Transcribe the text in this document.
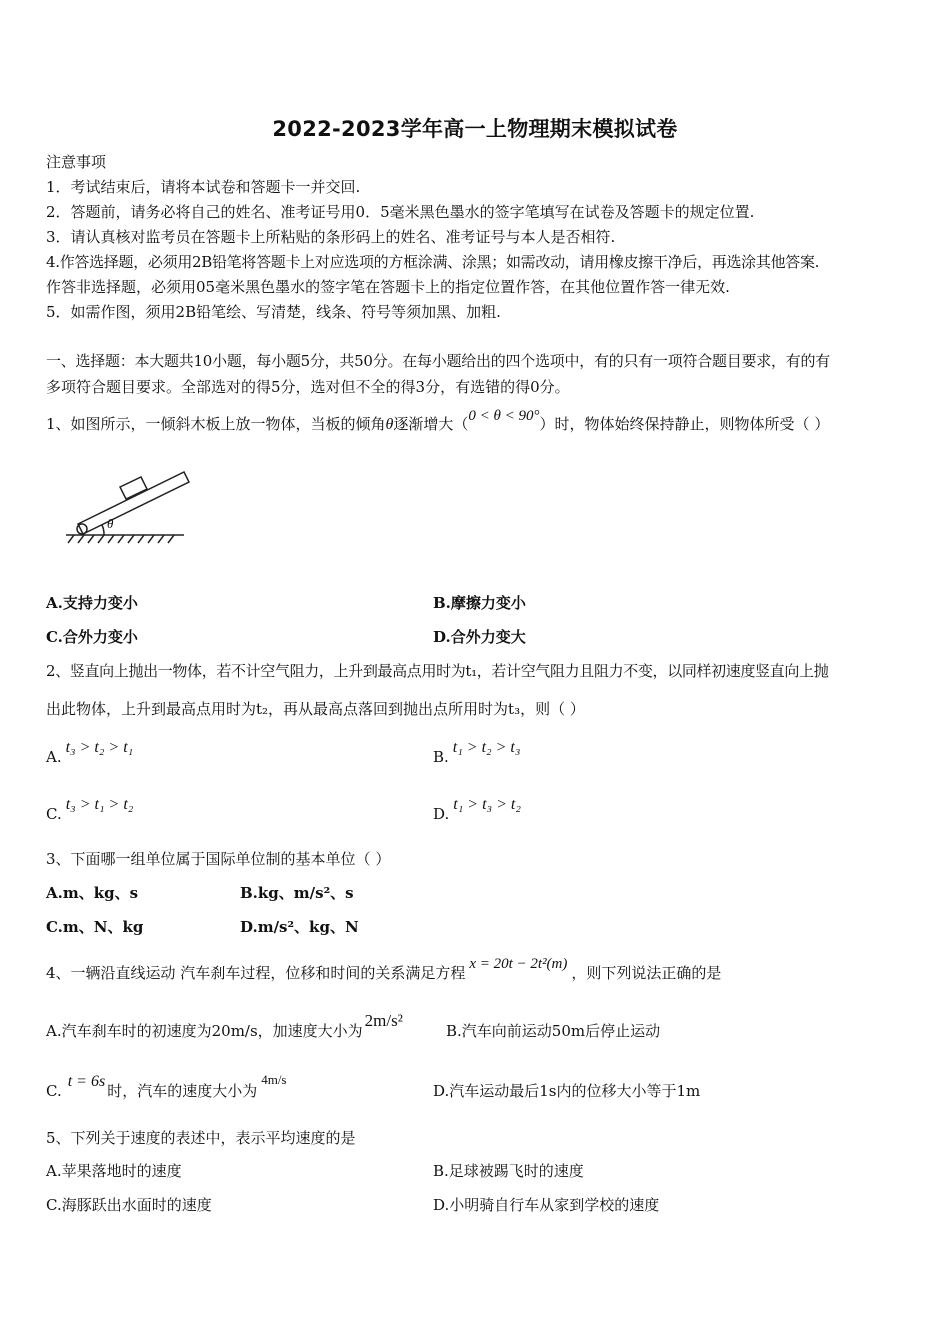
2022-2023学年高一上物理期末模拟试卷
注意事项
1．考试结束后，请将本试卷和答题卡一并交回.
2．答题前，请务必将自己的姓名、准考证号用0．5毫米黑色墨水的签字笔填写在试卷及答题卡的规定位置.
3．请认真核对监考员在答题卡上所粘贴的条形码上的姓名、准考证号与本人是否相符.
4.作答选择题，必须用2B铅笔将答题卡上对应选项的方框涂满、涂黑；如需改动，请用橡皮擦干净后，再选涂其他答案.
作答非选择题，必须用05毫米黑色墨水的签字笔在答题卡上的指定位置作答，在其他位置作答一律无效.
5．如需作图，须用2B铅笔绘、写清楚，线条、符号等须加黑、加粗.
一、选择题：本大题共10小题，每小题5分，共50分。在每小题给出的四个选项中，有的只有一项符合题目要求，有的有
多项符合题目要求。全部选对的得5分，选对但不全的得3分，有选错的得0分。
1、如图所示，一倾斜木板上放一物体，当板的倾角θ逐渐增大（0 < θ < 90°）时，物体始终保持静止，则物体所受（ ）
θ
A.支持力变小	B.摩擦力变小
C.合外力变小	D.合外力变大
2、竖直向上抛出一物体，若不计空气阻力，上升到最高点用时为t₁，若计空气阻力且阻力不变，以同样初速度竖直向上抛
出此物体，上升到最高点用时为t₂，再从最高点落回到抛出点所用时为t₃，则（ ）
A.t₃ > t₂ > t₁
B.t₁ > t₂ > t₃
C.t₃ > t₁ > t₂
D.t₁ > t₃ > t₂
3、下面哪一组单位属于国际单位制的基本单位（ ）
A.m、kg、s	B.kg、m/s²、s
C.m、N、kg	D.m/s²、kg、N
4、一辆沿直线运动 汽车刹车过程，位移和时间的关系满足方程 x = 20t − 2t²(m) ，则下列说法正确的是
A.汽车刹车时的初速度为20m/s，加速度大小为2m/s²
B.汽车向前运动50m后停止运动
C.t = 6s时，汽车的速度大小为4m/s
D.汽车运动最后1s内的位移大小等于1m
5、下列关于速度的表述中，表示平均速度的是
A.苹果落地时的速度	B.足球被踢飞时的速度
C.海豚跃出水面时的速度	D.小明骑自行车从家到学校的速度
